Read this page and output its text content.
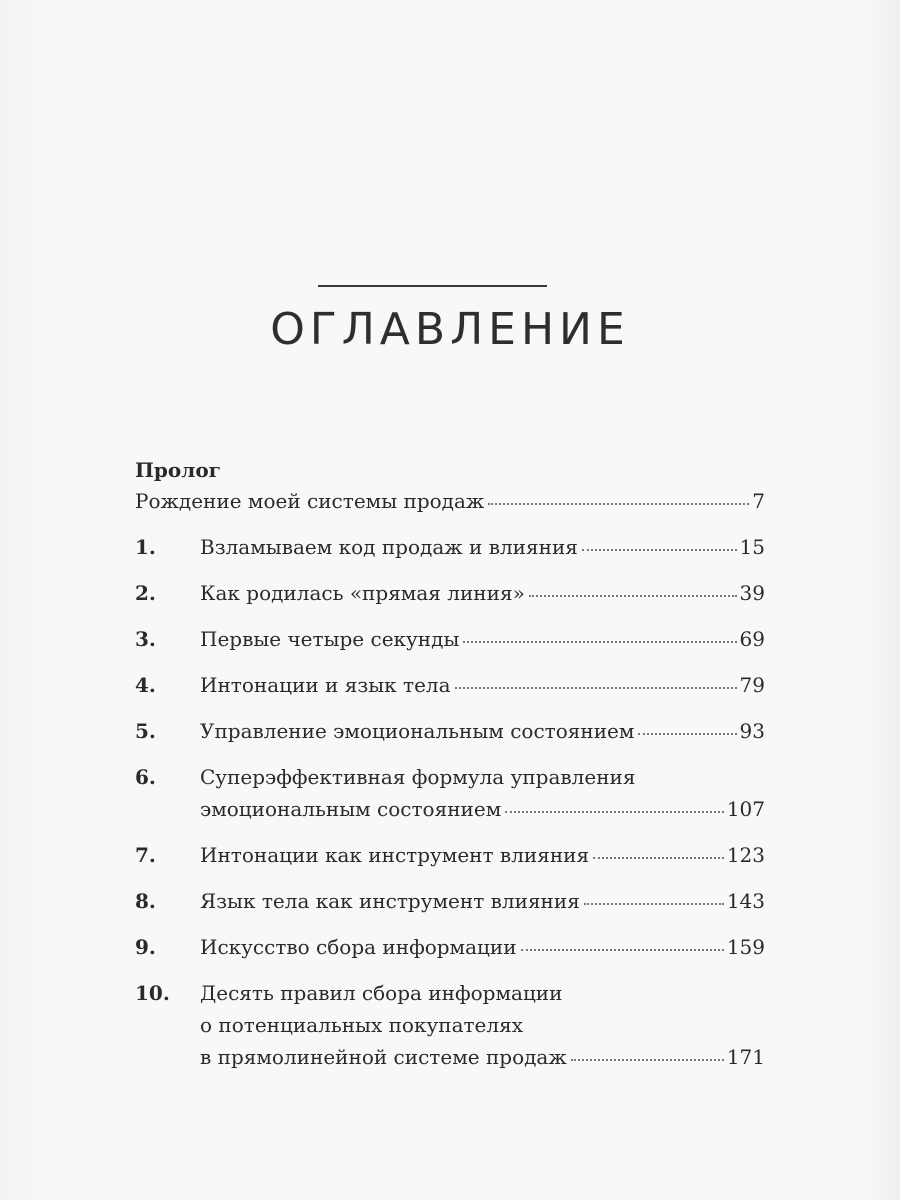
ОГЛАВЛЕНИЕ
Пролог
Рождение моей системы продаж	7
1.	Взламываем код продаж и влияния	15
2.	Как родилась «прямая линия»	39
3.	Первые четыре секунды	69
4.	Интонации и язык тела	79
5.	Управление эмоциональным состоянием	93
6.	Суперэффективная формула управления
эмоциональным состоянием	107
7.	Интонации как инструмент влияния	123
8.	Язык тела как инструмент влияния	143
9.	Искусство сбора информации	159
10.	Десять правил сбора информации
о потенциальных покупателях
в прямолинейной системе продаж	171
